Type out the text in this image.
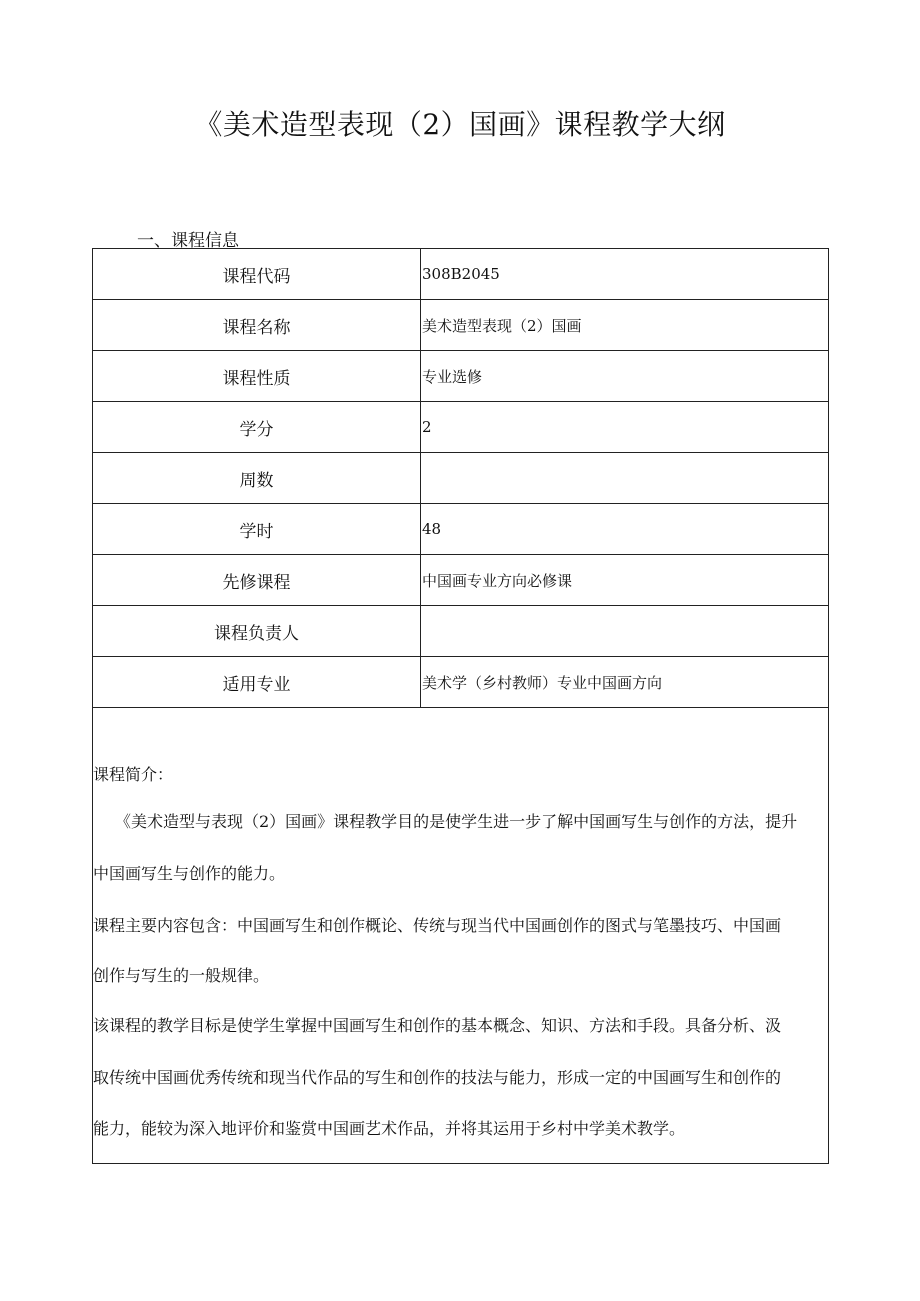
《美术造型表现（2）国画》课程教学大纲
一、课程信息
课程代码	308B2045
课程名称	美术造型表现（2）国画
课程性质	专业选修
学分	2
周数	
学时	48
先修课程	中国画专业方向必修课
课程负责人	
适用专业	美术学（乡村教师）专业中国画方向

课程简介：

《美术造型与表现（2）国画》课程教学目的是使学生进一步了解中国画写生与创作的方法，提升

中国画写生与创作的能力。

课程主要内容包含：中国画写生和创作概论、传统与现当代中国画创作的图式与笔墨技巧、中国画

创作与写生的一般规律。

该课程的教学目标是使学生掌握中国画写生和创作的基本概念、知识、方法和手段。具备分析、汲

取传统中国画优秀传统和现当代作品的写生和创作的技法与能力，形成一定的中国画写生和创作的

能力，能较为深入地评价和鉴赏中国画艺术作品，并将其运用于乡村中学美术教学。
